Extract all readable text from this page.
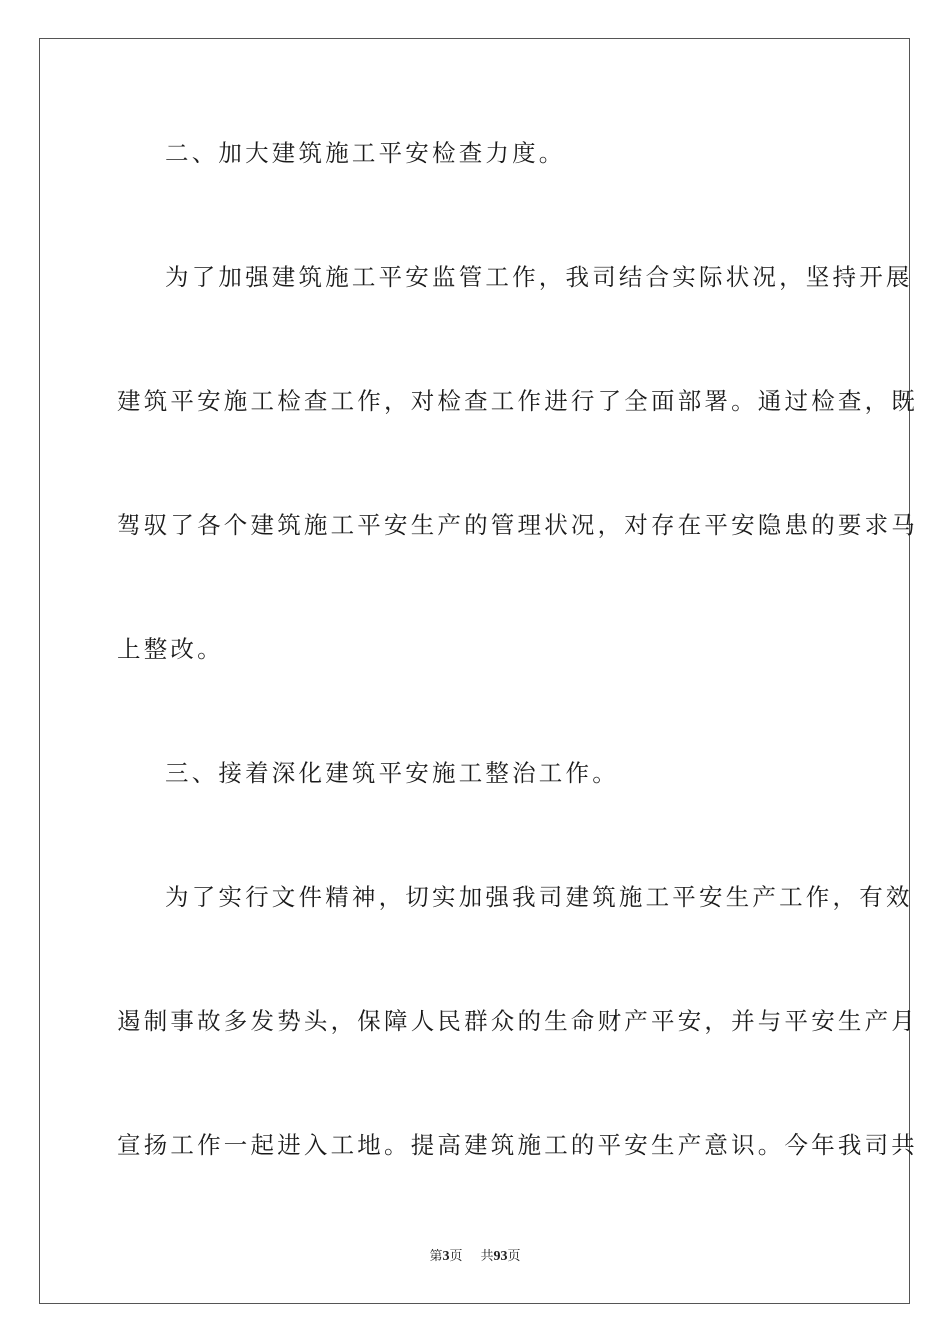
二、加大建筑施工平安检查力度。
为了加强建筑施工平安监管工作，我司结合实际状况，坚持开展
建筑平安施工检查工作，对检查工作进行了全面部署。通过检查，既
驾驭了各个建筑施工平安生产的管理状况，对存在平安隐患的要求马
上整改。
三、接着深化建筑平安施工整治工作。
为了实行文件精神，切实加强我司建筑施工平安生产工作，有效
遏制事故多发势头，保障人民群众的生命财产平安，并与平安生产月
宣扬工作一起进入工地。提高建筑施工的平安生产意识。今年我司共
第3页 共93页
